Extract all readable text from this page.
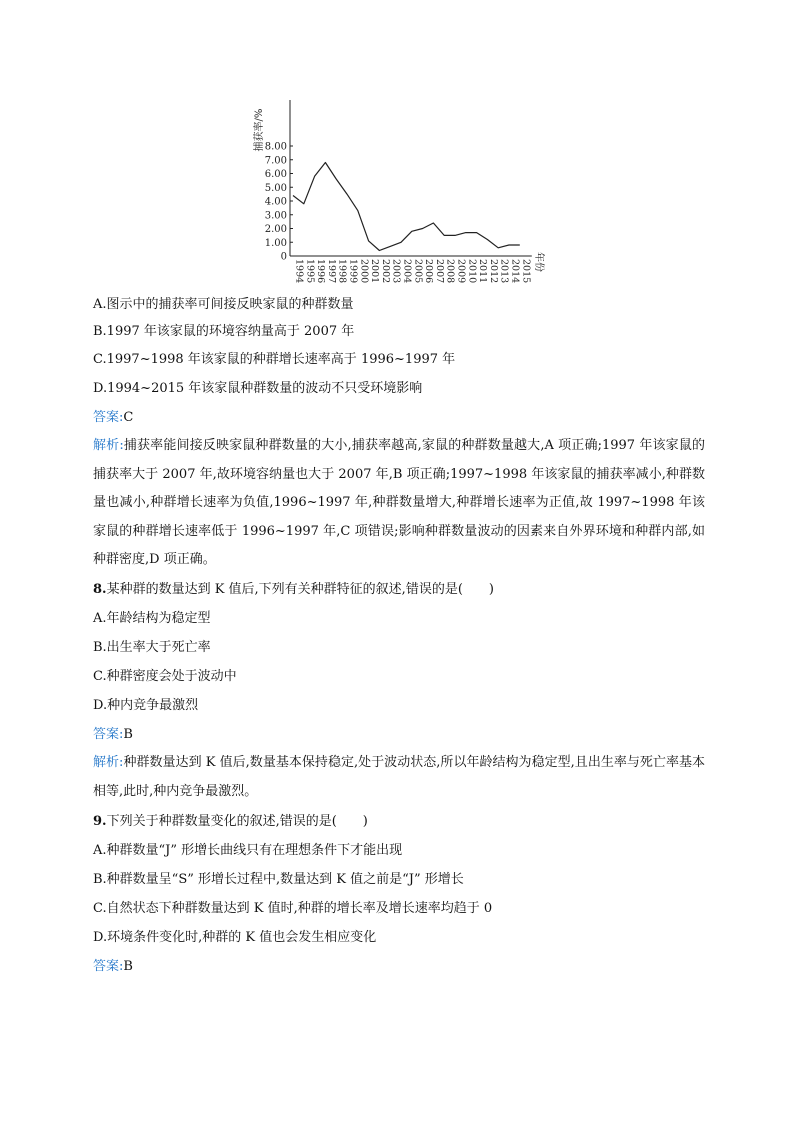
0
1.00
2.00
3.00
4.00
5.00
6.00
7.00
8.00
捕获率/%
1994 1995 1996 1997 1998 1999 2000 2001 2002 2003 2004 2005 2006 2007 2008 2009 2010 2011 2012 2013 2014 2015 年份
A.图示中的捕获率可间接反映家鼠的种群数量
B.1997 年该家鼠的环境容纳量高于 2007 年
C.1997~1998 年该家鼠的种群增长速率高于 1996~1997 年
D.1994~2015 年该家鼠种群数量的波动不只受环境影响
答案:C
解析:捕获率能间接反映家鼠种群数量的大小,捕获率越高,家鼠的种群数量越大,A 项正确;1997 年该家鼠的捕获率大于 2007 年,故环境容纳量也大于 2007 年,B 项正确;1997~1998 年该家鼠的捕获率减小,种群数量也减小,种群增长速率为负值,1996~1997 年,种群数量增大,种群增长速率为正值,故 1997~1998 年该家鼠的种群增长速率低于 1996~1997 年,C 项错误;影响种群数量波动的因素来自外界环境和种群内部,如种群密度,D 项正确。
8.某种群的数量达到 K 值后,下列有关种群特征的叙述,错误的是(　　)
A.年龄结构为稳定型
B.出生率大于死亡率
C.种群密度会处于波动中
D.种内竞争最激烈
答案:B
解析:种群数量达到 K 值后,数量基本保持稳定,处于波动状态,所以年龄结构为稳定型,且出生率与死亡率基本相等,此时,种内竞争最激烈。
9.下列关于种群数量变化的叙述,错误的是(　　)
A.种群数量“J” 形增长曲线只有在理想条件下才能出现
B.种群数量呈“S” 形增长过程中,数量达到 K 值之前是“J” 形增长
C.自然状态下种群数量达到 K 值时,种群的增长率及增长速率均趋于 0
D.环境条件变化时,种群的 K 值也会发生相应变化
答案:B
